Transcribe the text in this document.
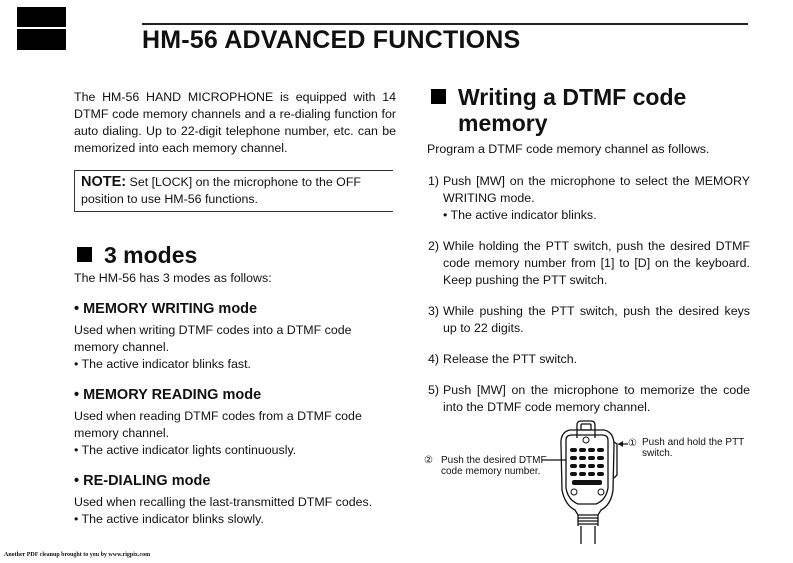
HM-56 ADVANCED FUNCTIONS

The HM-56 HAND MICROPHONE is equipped with 14 DTMF code memory channels and a re-dialing function for auto dialing. Up to 22-digit telephone number, etc. can be memorized into each memory channel.

NOTE: Set [LOCK] on the microphone to the OFF position to use HM-56 functions.
3 modes

The HM-56 has 3 modes as follows:

• MEMORY WRITING mode

Used when writing DTMF codes into a DTMF code memory channel.

• The active indicator blinks fast.

• MEMORY READING mode

Used when reading DTMF codes from a DTMF code memory channel.

• The active indicator lights continuously.

• RE-DIALING mode

Used when recalling the last-transmitted DTMF codes.

• The active indicator blinks slowly.

Writing a DTMF code
memory

Program a DTMF code memory channel as follows.

1) Push [MW] on the microphone to select the MEMORY WRITING mode.
• The active indicator blinks.
2) While holding the PTT switch, push the desired DTMF code memory number from [1] to [D] on the keyboard. Keep pushing the PTT switch.
3) While pushing the PTT switch, push the desired keys up to 22 digits.
4) Release the PTT switch.
5) Push [MW] on the microphone to memorize the code into the DTMF code memory channel.
① Push and hold the PTT
switch.
② Push the desired DTMF
code memory number.
Another PDF cleanup brought to you by www.rigpix.com
